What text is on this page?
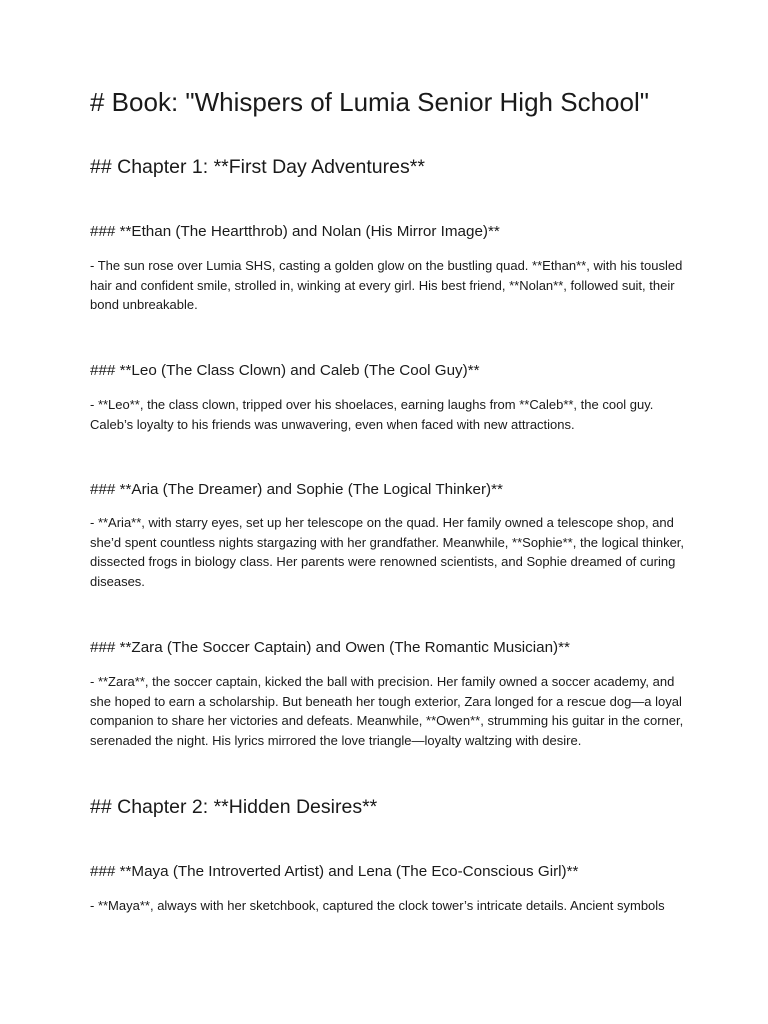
# Book: "Whispers of Lumia Senior High School"
## Chapter 1: **First Day Adventures**
### **Ethan (The Heartthrob) and Nolan (His Mirror Image)**

- The sun rose over Lumia SHS, casting a golden glow on the bustling quad. **Ethan**, with his tousled hair and confident smile, strolled in, winking at every girl. His best friend, **Nolan**, followed suit, their bond unbreakable.

### **Leo (The Class Clown) and Caleb (The Cool Guy)**

- **Leo**, the class clown, tripped over his shoelaces, earning laughs from **Caleb**, the cool guy. Caleb’s loyalty to his friends was unwavering, even when faced with new attractions.

### **Aria (The Dreamer) and Sophie (The Logical Thinker)**

- **Aria**, with starry eyes, set up her telescope on the quad. Her family owned a telescope shop, and she’d spent countless nights stargazing with her grandfather. Meanwhile, **Sophie**, the logical thinker, dissected frogs in biology class. Her parents were renowned scientists, and Sophie dreamed of curing diseases.

### **Zara (The Soccer Captain) and Owen (The Romantic Musician)**

- **Zara**, the soccer captain, kicked the ball with precision. Her family owned a soccer academy, and she hoped to earn a scholarship. But beneath her tough exterior, Zara longed for a rescue dog—a loyal companion to share her victories and defeats. Meanwhile, **Owen**, strumming his guitar in the corner, serenaded the night. His lyrics mirrored the love triangle—loyalty waltzing with desire.

## Chapter 2: **Hidden Desires**
### **Maya (The Introverted Artist) and Lena (The Eco-Conscious Girl)**

- **Maya**, always with her sketchbook, captured the clock tower’s intricate details. Ancient symbols
